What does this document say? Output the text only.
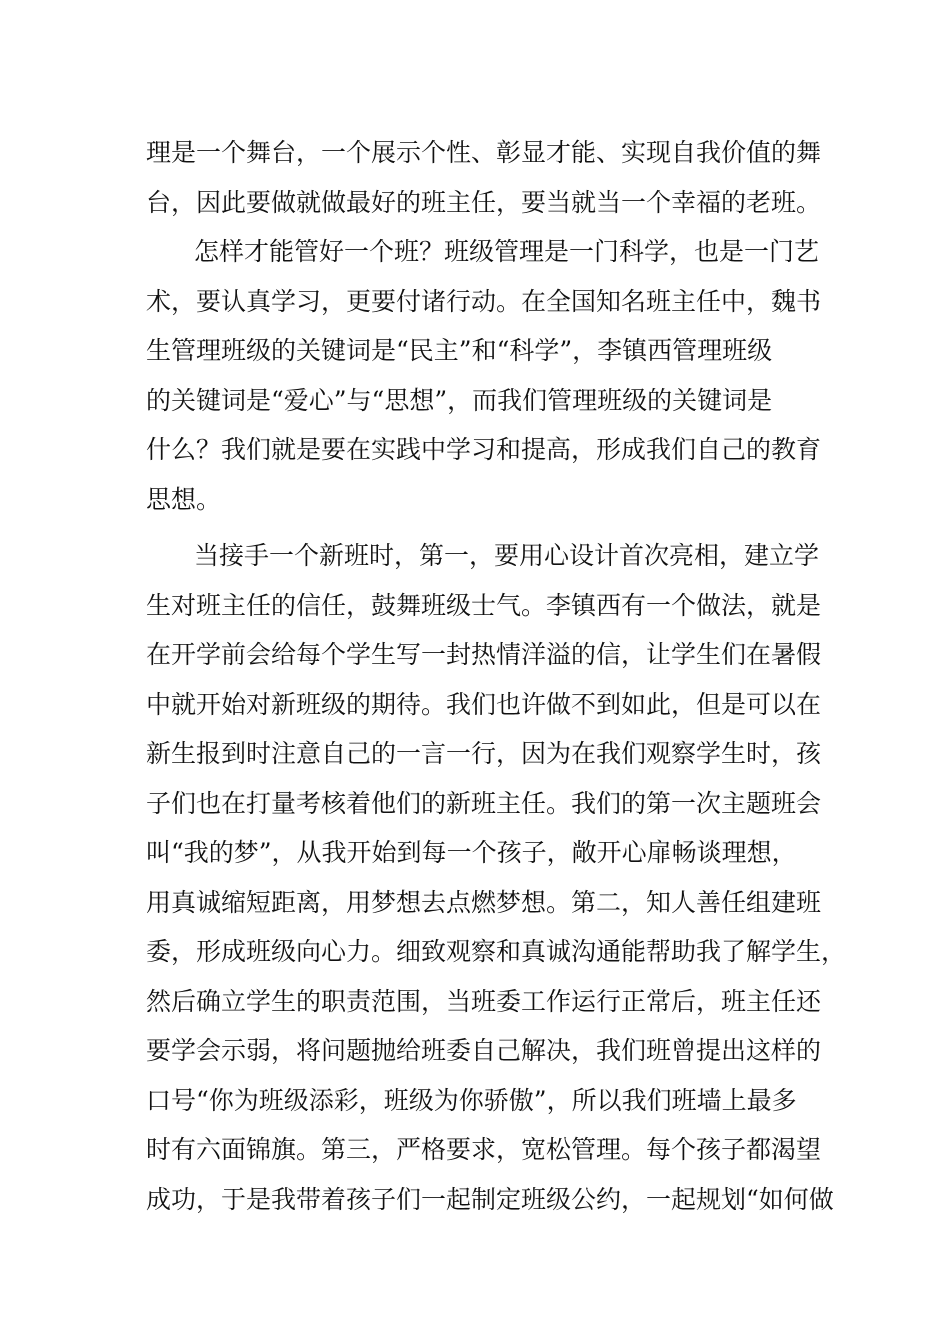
理是一个舞台，一个展示个性、彰显才能、实现自我价值的舞
台，因此要做就做最好的班主任，要当就当一个幸福的老班。
怎样才能管好一个班？班级管理是一门科学，也是一门艺
术，要认真学习，更要付诸行动。在全国知名班主任中，魏书
生管理班级的关键词是“民主”和“科学”，李镇西管理班级
的关键词是“爱心”与“思想”，而我们管理班级的关键词是
什么？我们就是要在实践中学习和提高，形成我们自己的教育
思想。
当接手一个新班时，第一，要用心设计首次亮相，建立学
生对班主任的信任，鼓舞班级士气。李镇西有一个做法，就是
在开学前会给每个学生写一封热情洋溢的信，让学生们在暑假
中就开始对新班级的期待。我们也许做不到如此，但是可以在
新生报到时注意自己的一言一行，因为在我们观察学生时，孩
子们也在打量考核着他们的新班主任。我们的第一次主题班会
叫“我的梦”，从我开始到每一个孩子，敞开心扉畅谈理想，
用真诚缩短距离，用梦想去点燃梦想。第二，知人善任组建班
委，形成班级向心力。细致观察和真诚沟通能帮助我了解学生，
然后确立学生的职责范围，当班委工作运行正常后，班主任还
要学会示弱，将问题抛给班委自己解决，我们班曾提出这样的
口号“你为班级添彩，班级为你骄傲”，所以我们班墙上最多
时有六面锦旗。第三，严格要求，宽松管理。每个孩子都渴望
成功，于是我带着孩子们一起制定班级公约，一起规划“如何做
